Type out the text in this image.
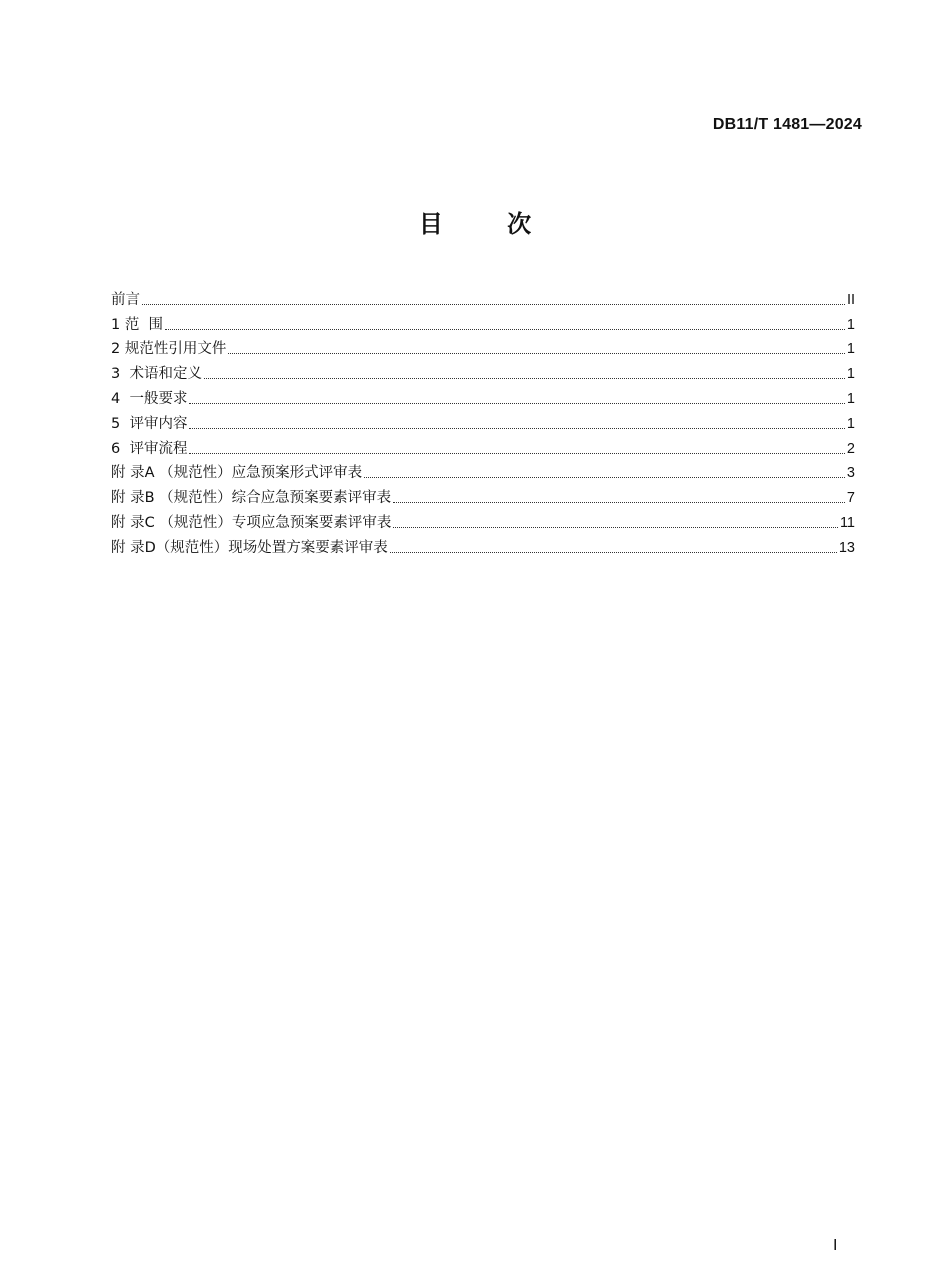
DB11/T 1481—2024
目 次
前言	II
1 范  围	1
2 规范性引用文件	1
3  术语和定义	1
4  一般要求	1
5  评审内容	1
6  评审流程	2
附 录A （规范性）应急预案形式评审表	3
附 录B （规范性）综合应急预案要素评审表	7
附 录C （规范性）专项应急预案要素评审表	11
附 录D（规范性）现场处置方案要素评审表	13
I
